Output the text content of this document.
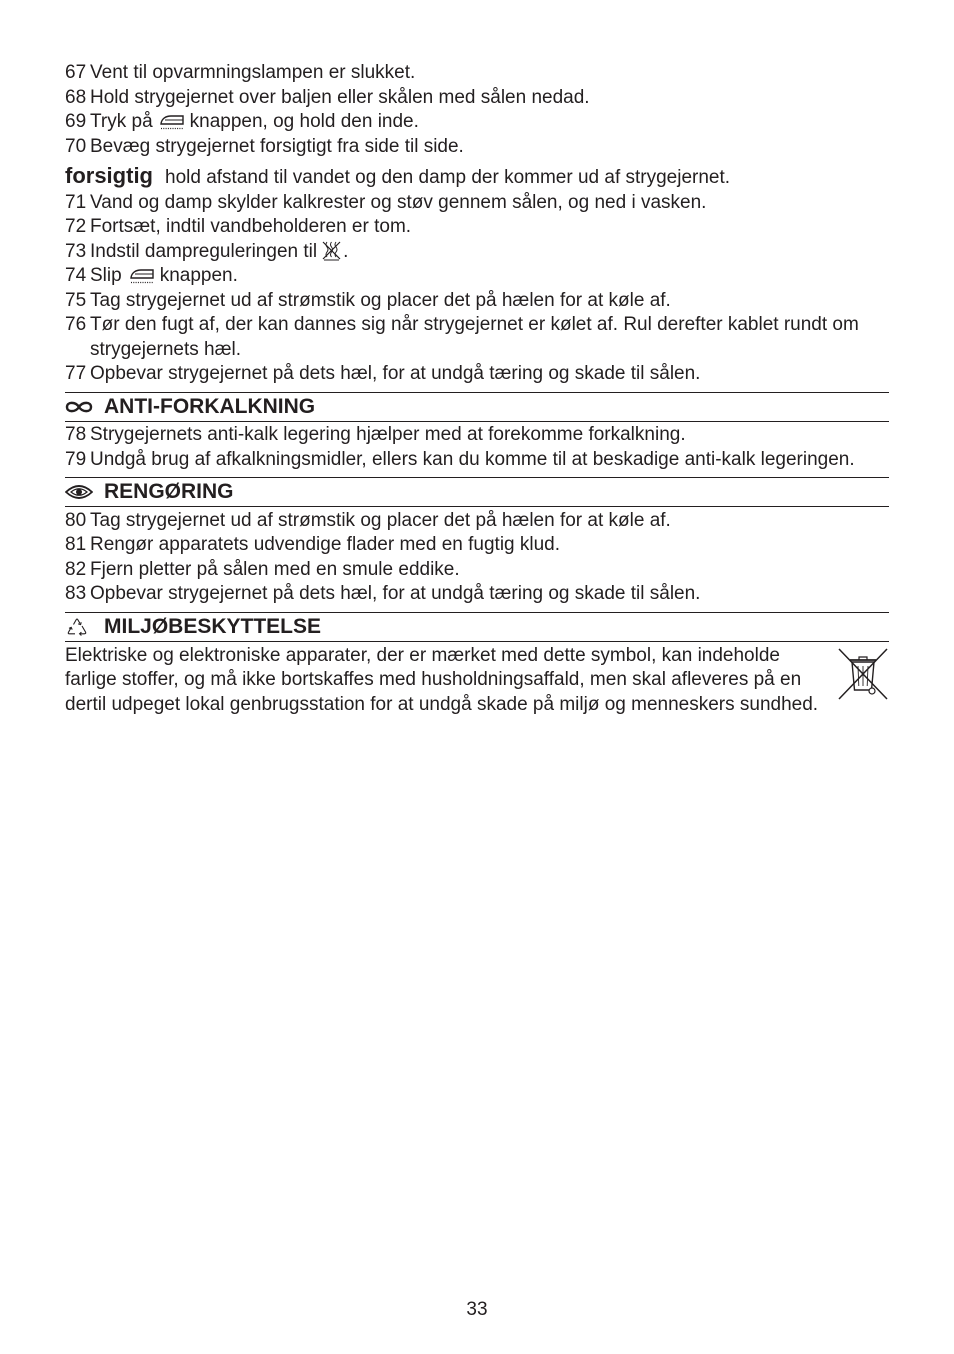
67 Vent til opvarmningslampen er slukket.
68 Hold strygejernet over baljen eller skålen med sålen nedad.
69 Tryk på knappen, og hold den inde.
70 Bevæg strygejernet forsigtigt fra side til side.
forsigtig hold afstand til vandet og den damp der kommer ud af strygejernet.
71 Vand og damp skylder kalkrester og støv gennem sålen, og ned i vasken.
72 Fortsæt, indtil vandbeholderen er tom.
73 Indstil dampreguleringen til .
74 Slip knappen.
75 Tag strygejernet ud af strømstik og placer det på hælen for at køle af.
76 Tør den fugt af, der kan dannes sig når strygejernet er kølet af. Rul derefter kablet rundt om strygejernets hæl.
77 Opbevar strygejernet på dets hæl, for at undgå tæring og skade til sålen.
ANTI-FORKALKNING
78 Strygejernets anti-kalk legering hjælper med at forekomme forkalkning.
79 Undgå brug af afkalkningsmidler, ellers kan du komme til at beskadige anti-kalk legeringen.
RENGØRING
80 Tag strygejernet ud af strømstik og placer det på hælen for at køle af.
81 Rengør apparatets udvendige flader med en fugtig klud.
82 Fjern pletter på sålen med en smule eddike.
83 Opbevar strygejernet på dets hæl, for at undgå tæring og skade til sålen.
MILJØBESKYTTELSE
Elektriske og elektroniske apparater, der er mærket med dette symbol, kan indeholde
farlige stoffer, og må ikke bortskaffes med husholdningsaffald, men skal afleveres på en
dertil udpeget lokal genbrugsstation for at undgå skade på miljø og menneskers sundhed.
33
